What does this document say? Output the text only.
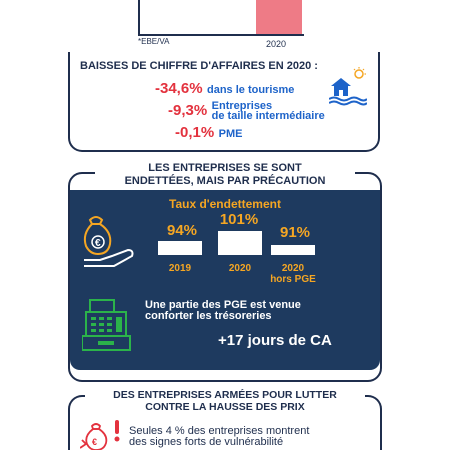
*EBE/VA	2020
BAISSES DE CHIFFRE D'AFFAIRES EN 2020 :
-34,6% dans le tourisme
-9,3% Entreprises
de taille intermédiaire
-0,1% PME
LES ENTREPRISES SE SONT
ENDETTÉES, MAIS PAR PRÉCAUTION
Taux d'endettement
€
94%
2019
101%
2020
91%
2020
hors PGE
Une partie des PGE est venue
conforter les trésoreries
+17 jours de CA
DES ENTREPRISES ARMÉES POUR LUTTER
CONTRE LA HAUSSE DES PRIX
€
Seules 4 % des entreprises montrent
des signes forts de vulnérabilité
